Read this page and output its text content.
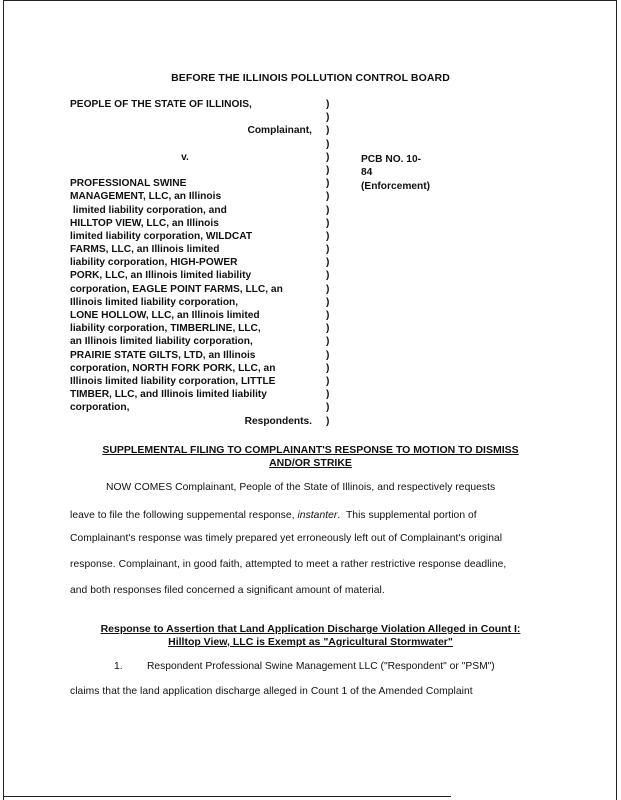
BEFORE THE ILLINOIS POLLUTION CONTROL BOARD
PEOPLE OF THE STATE OF ILLINOIS,
Complainant,
v.
PROFESSIONAL SWINE
MANAGEMENT, LLC, an Illinois
limited liability corporation, and
HILLTOP VIEW, LLC, an Illinois
limited liability corporation, WILDCAT
FARMS, LLC, an Illinois limited
liability corporation, HIGH-POWER
PORK, LLC, an Illinois limited liability
corporation, EAGLE POINT FARMS, LLC, an
Illinois limited liability corporation,
LONE HOLLOW, LLC, an Illinois limited
liability corporation, TIMBERLINE, LLC,
an Illinois limited liability corporation,
PRAIRIE STATE GILTS, LTD, an Illinois
corporation, NORTH FORK PORK, LLC, an
Illinois limited liability corporation, LITTLE
TIMBER, LLC, and Illinois limited liability
corporation,
Respondents.
)
)
)
)
)
)
)
)
)
)
)
)
)
)
)
)
)
)
)
)
)
)
)
)
)
PCB NO. 10-84
(Enforcement)
SUPPLEMENTAL FILING TO COMPLAINANT'S RESPONSE TO MOTION TO DISMISS
AND/OR STRIKE
NOW COMES Complainant, People of the State of Illinois, and respectively requests
leave to file the following suppemental response, instanter.  This supplemental portion of
Complainant's response was timely prepared yet erroneously left out of Complainant's original
response. Complainant, in good faith, attempted to meet a rather restrictive response deadline,
and both responses filed concerned a significant amount of material.
Response to Assertion that Land Application Discharge Violation Alleged in Count I:
Hilltop View, LLC is Exempt as "Agricultural Stormwater"
1. Respondent Professional Swine Management LLC ("Respondent" or "PSM")
claims that the land application discharge alleged in Count 1 of the Amended Complaint
